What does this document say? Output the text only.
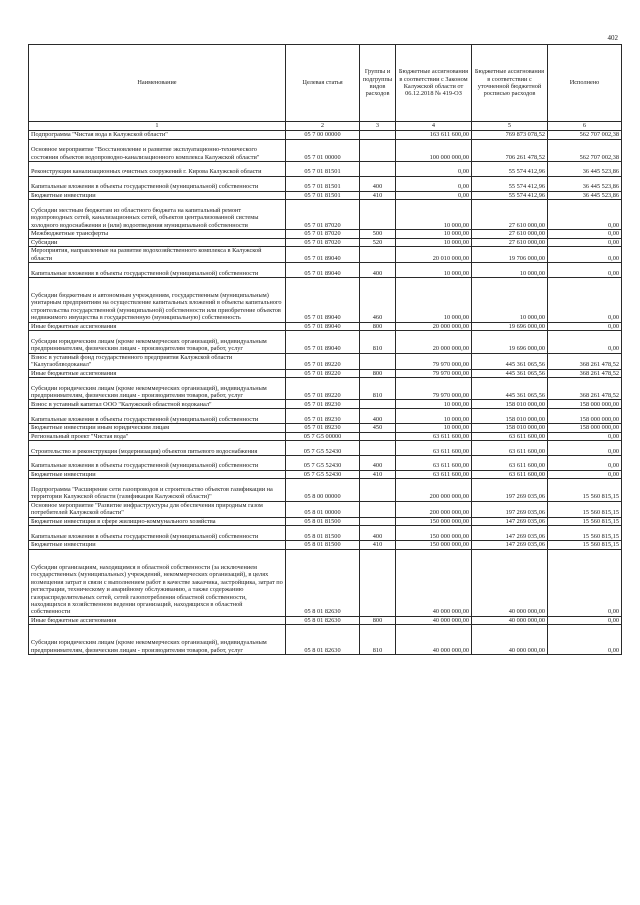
402
Наименование	Целевая статья	Группы и подгруппы видов расходов	Бюджетные ассигнования в соответствии с Законом Калужской области от 06.12.2018 № 419-ОЗ	Бюджетные ассигнования в соответствии с уточненной бюджетной росписью расходов	Исполнено
1	2	3	4	5	6
Подпрограмма "Чистая вода в Калужской области"	05 7 00 00000		163 611 600,00	769 873 078,52	562 707 002,38
Основное мероприятие "Восстановление и развитие эксплуатационно-технического состояния объектов водопроводно-канализационного комплекса Калужской области"	05 7 01 00000		100 000 000,00	706 261 478,52	562 707 002,38
Реконструкция канализационных очистных сооружений г. Кирова Калужской области	05 7 01 81501		0,00	55 574 412,96	36 445 523,86
Капитальные вложения в объекты государственной (муниципальной) собственности	05 7 01 81501	400	0,00	55 574 412,96	36 445 523,86
Бюджетные инвестиции	05 7 01 81501	410	0,00	55 574 412,96	36 445 523,86
Субсидии местным бюджетам из областного бюджета на капитальный ремонт водопроводных сетей, канализационных сетей, объектов централизованной системы холодного водоснабжения и (или) водоотведения муниципальной собственности	05 7 01 87020		10 000,00	27 610 000,00	0,00
Межбюджетные трансферты	05 7 01 87020	500	10 000,00	27 610 000,00	0,00
Субсидии	05 7 01 87020	520	10 000,00	27 610 000,00	0,00
Мероприятия, направленные на развитие водохозяйственного комплекса в Калужской области	05 7 01 89040		20 010 000,00	19 706 000,00	0,00
Капитальные вложения в объекты государственной (муниципальной) собственности	05 7 01 89040	400	10 000,00	10 000,00	0,00
Субсидии бюджетным и автономным учреждениям, государственным (муниципальным) унитарным предприятиям на осуществление капитальных вложений в объекты капитального строительства государственной (муниципальной) собственности или приобретение объектов недвижимого имущества в государственную (муниципальную) собственность	05 7 01 89040	460	10 000,00	10 000,00	0,00
Иные бюджетные ассигнования	05 7 01 89040	800	20 000 000,00	19 696 000,00	0,00
Субсидии юридическим лицам (кроме некоммерческих организаций), индивидуальным предпринимателям, физическим лицам - производителям товаров, работ, услуг	05 7 01 89040	810	20 000 000,00	19 696 000,00	0,00
Взнос в уставный фонд государственного предприятия Калужской области "Калугаоблводоканал"	05 7 01 89220		79 970 000,00	445 361 065,56	368 261 478,52
Иные бюджетные ассигнования	05 7 01 89220	800	79 970 000,00	445 361 065,56	368 261 478,52
Субсидии юридическим лицам (кроме некоммерческих организаций), индивидуальным предпринимателям, физическим лицам - производителям товаров, работ, услуг	05 7 01 89220	810	79 970 000,00	445 361 065,56	368 261 478,52
Взнос в уставный капитал ООО "Калужский областной водоканал"	05 7 01 89230		10 000,00	158 010 000,00	158 000 000,00
Капитальные вложения в объекты государственной (муниципальной) собственности	05 7 01 89230	400	10 000,00	158 010 000,00	158 000 000,00
Бюджетные инвестиции иным юридическим лицам	05 7 01 89230	450	10 000,00	158 010 000,00	158 000 000,00
Региональный проект "Чистая вода"	05 7 G5 00000		63 611 600,00	63 611 600,00	0,00
Строительство и реконструкция (модернизация) объектов питьевого водоснабжения	05 7 G5 52430		63 611 600,00	63 611 600,00	0,00
Капитальные вложения в объекты государственной (муниципальной) собственности	05 7 G5 52430	400	63 611 600,00	63 611 600,00	0,00
Бюджетные инвестиции	05 7 G5 52430	410	63 611 600,00	63 611 600,00	0,00
Подпрограмма "Расширение сети газопроводов и строительство объектов газификации на территории Калужской области (газификация Калужской области)"	05 8 00 00000		200 000 000,00	197 269 035,06	15 560 815,15
Основное мероприятие "Развитие инфраструктуры для обеспечения природным газом потребителей Калужской области"	05 8 01 00000		200 000 000,00	197 269 035,06	15 560 815,15
Бюджетные инвестиции в сфере жилищно-коммунального хозяйства	05 8 01 81500		150 000 000,00	147 269 035,06	15 560 815,15
Капитальные вложения в объекты государственной (муниципальной) собственности	05 8 01 81500	400	150 000 000,00	147 269 035,06	15 560 815,15
Бюджетные инвестиции	05 8 01 81500	410	150 000 000,00	147 269 035,06	15 560 815,15
Субсидии организациям, находящимся в областной собственности (за исключением государственных (муниципальных) учреждений, некоммерческих организаций), в целях возмещения затрат в связи с выполнением работ в качестве заказчика, застройщика, затрат по регистрации, техническому и аварийному обслуживанию, а также содержанию газораспределительных сетей, сетей газопотребления областной собственности, находящихся в хозяйственном ведении организаций, находящихся в областной собственности	05 8 01 82630		40 000 000,00	40 000 000,00	0,00
Иные бюджетные ассигнования	05 8 01 82630	800	40 000 000,00	40 000 000,00	0,00
Субсидии юридическим лицам (кроме некоммерческих организаций), индивидуальным предпринимателям, физическим лицам - производителям товаров, работ, услуг	05 8 01 82630	810	40 000 000,00	40 000 000,00	0,00
